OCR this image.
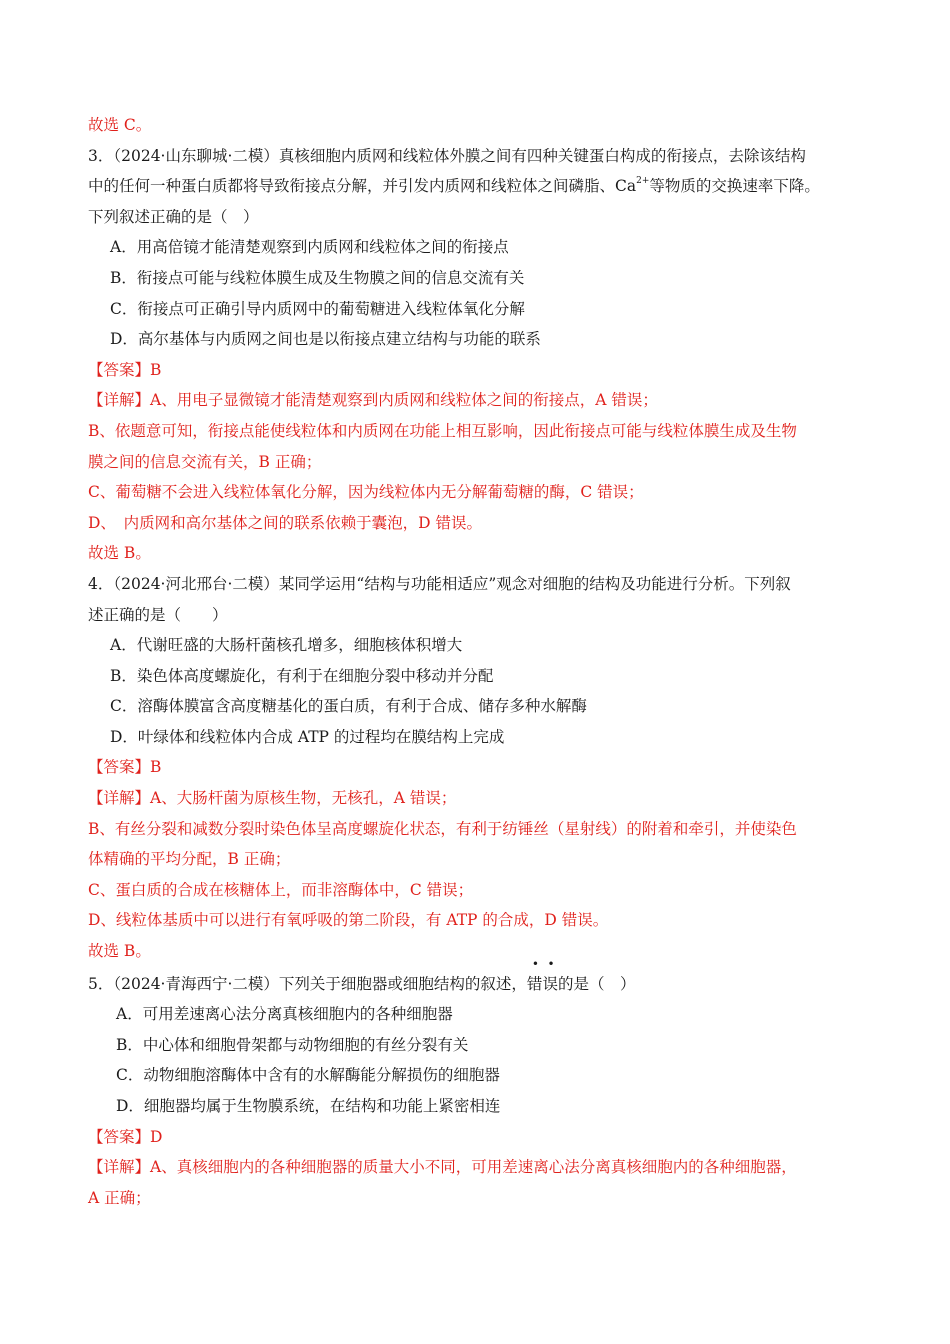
故选 C。
3．（2024·山东聊城·二模）真核细胞内质网和线粒体外膜之间有四种关键蛋白构成的衔接点，去除该结构
中的任何一种蛋白质都将导致衔接点分解，并引发内质网和线粒体之间磷脂、$Ca^{2+}$等物质的交换速率下降。
下列叙述正确的是（　）
A．用高倍镜才能清楚观察到内质网和线粒体之间的衔接点
B．衔接点可能与线粒体膜生成及生物膜之间的信息交流有关
C．衔接点可正确引导内质网中的葡萄糖进入线粒体氧化分解
D．高尔基体与内质网之间也是以衔接点建立结构与功能的联系
【答案】B
【详解】A、用电子显微镜才能清楚观察到内质网和线粒体之间的衔接点，A 错误；
B、依题意可知，衔接点能使线粒体和内质网在功能上相互影响，因此衔接点可能与线粒体膜生成及生物
膜之间的信息交流有关，B 正确；
C、葡萄糖不会进入线粒体氧化分解，因为线粒体内无分解葡萄糖的酶，C 错误；
D、　内质网和高尔基体之间的联系依赖于囊泡，D 错误。
故选 B。
4．（2024·河北邢台·二模）某同学运用“结构与功能相适应”观念对细胞的结构及功能进行分析。下列叙
述正确的是（　　）
A．代谢旺盛的大肠杆菌核孔增多，细胞核体积增大
B．染色体高度螺旋化，有利于在细胞分裂中移动并分配
C．溶酶体膜富含高度糖基化的蛋白质，有利于合成、储存多种水解酶
D．叶绿体和线粒体内合成 ATP 的过程均在膜结构上完成
【答案】B
【详解】A、大肠杆菌为原核生物，无核孔，A 错误；
B、有丝分裂和减数分裂时染色体呈高度螺旋化状态，有利于纺锤丝（星射线）的附着和牵引，并使染色
体精确的平均分配，B 正确；
C、蛋白质的合成在核糖体上，而非溶酶体中，C 错误；
D、线粒体基质中可以进行有氧呼吸的第二阶段，有 ATP 的合成，D 错误。
故选 B。
5．（2024·青海西宁·二模）下列关于细胞器或细胞结构的叙述，
•
错
•
误的是（　）
A．可用差速离心法分离真核细胞内的各种细胞器
B．中心体和细胞骨架都与动物细胞的有丝分裂有关
C．动物细胞溶酶体中含有的水解酶能分解损伤的细胞器
D．细胞器均属于生物膜系统，在结构和功能上紧密相连
【答案】D
【详解】A、真核细胞内的各种细胞器的质量大小不同，可用差速离心法分离真核细胞内的各种细胞器，
A 正确；
